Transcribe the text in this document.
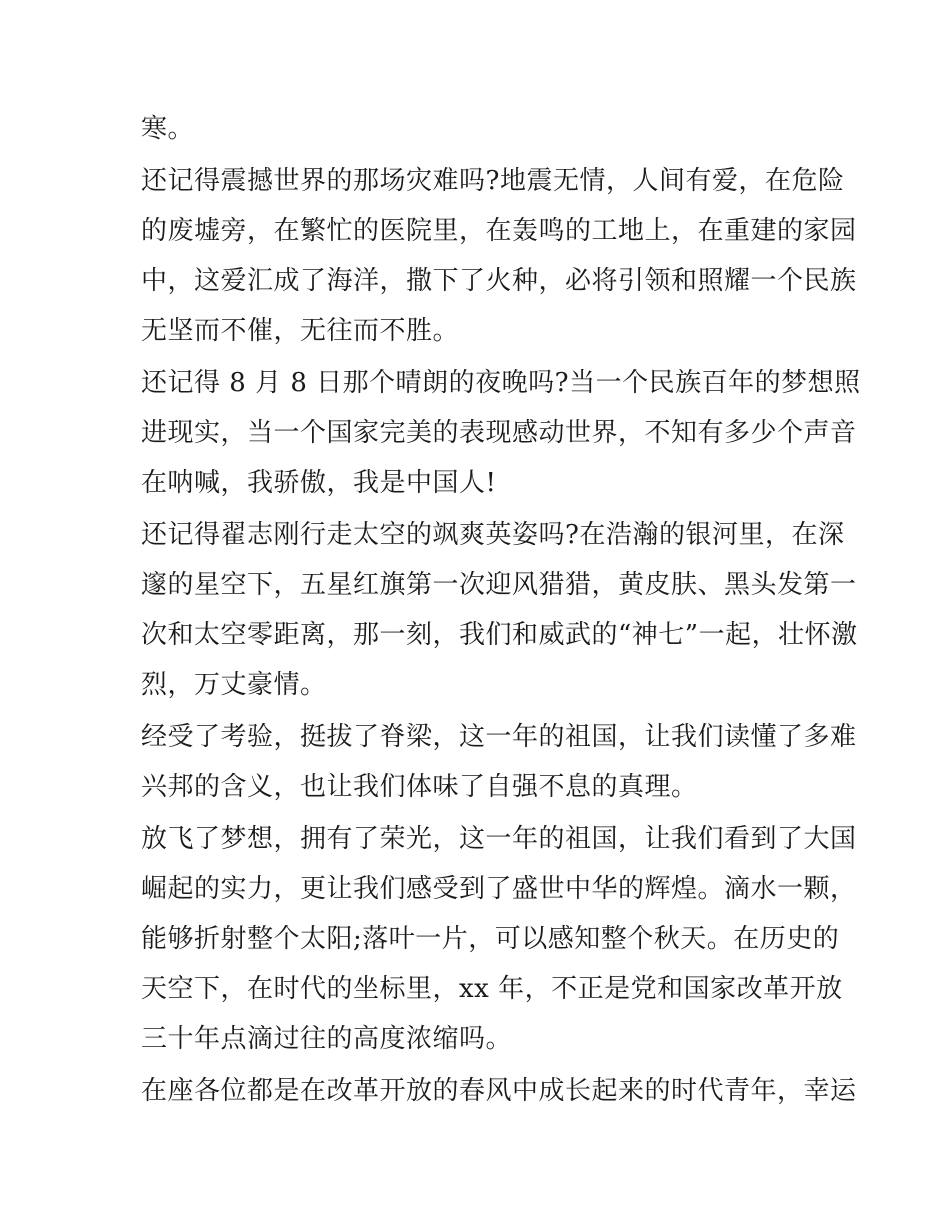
寒。
还记得震撼世界的那场灾难吗?地震无情，人间有爱，在危险
的废墟旁，在繁忙的医院里，在轰鸣的工地上，在重建的家园
中，这爱汇成了海洋，撒下了火种，必将引领和照耀一个民族
无坚而不催，无往而不胜。
还记得 8 月 8 日那个晴朗的夜晚吗?当一个民族百年的梦想照
进现实，当一个国家完美的表现感动世界，不知有多少个声音
在呐喊，我骄傲，我是中国人!
还记得翟志刚行走太空的飒爽英姿吗?在浩瀚的银河里，在深
邃的星空下，五星红旗第一次迎风猎猎，黄皮肤、黑头发第一
次和太空零距离，那一刻，我们和威武的“神七”一起，壮怀激
烈，万丈豪情。
经受了考验，挺拔了脊梁，这一年的祖国，让我们读懂了多难
兴邦的含义，也让我们体味了自强不息的真理。
放飞了梦想，拥有了荣光，这一年的祖国，让我们看到了大国
崛起的实力，更让我们感受到了盛世中华的辉煌。滴水一颗，
能够折射整个太阳;落叶一片，可以感知整个秋天。在历史的
天空下，在时代的坐标里，xx 年，不正是党和国家改革开放
三十年点滴过往的高度浓缩吗。
在座各位都是在改革开放的春风中成长起来的时代青年，幸运
